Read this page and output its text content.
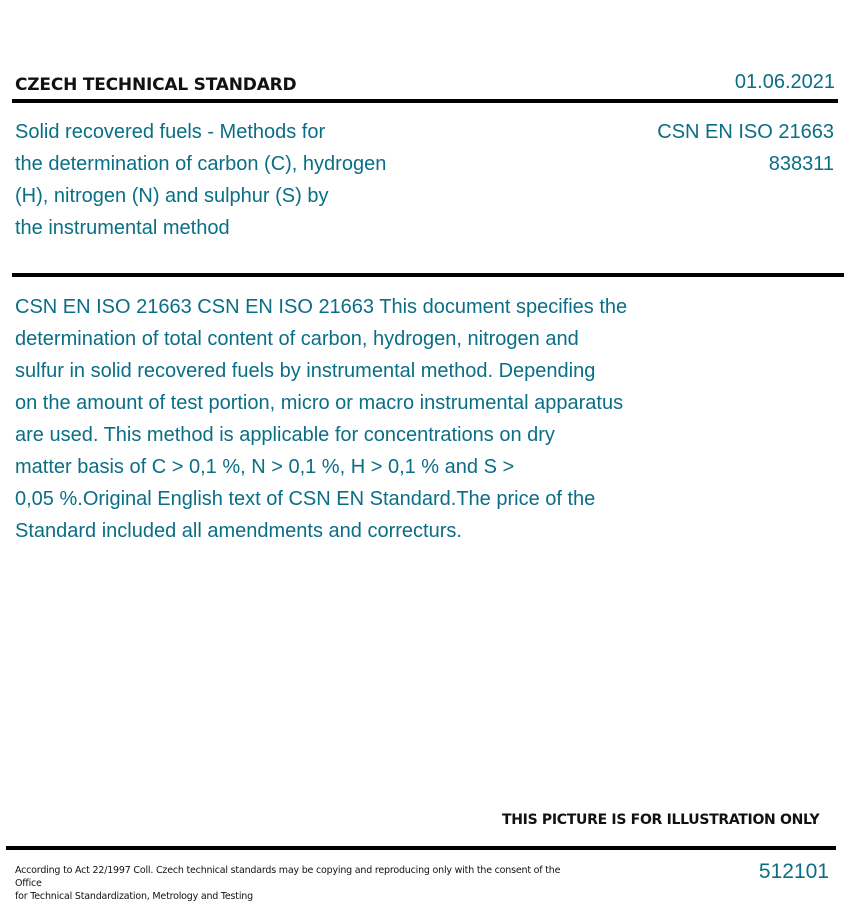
CZECH TECHNICAL STANDARD	01.06.2021
Solid recovered fuels - Methods for
the determination of carbon (C), hydrogen
(H), nitrogen (N) and sulphur (S) by
the instrumental method
CSN EN ISO 21663
838311

CSN EN ISO 21663 CSN EN ISO 21663 This document specifies the

determination of total content of carbon, hydrogen, nitrogen and

sulfur in solid recovered fuels by instrumental method. Depending

on the amount of test portion, micro or macro instrumental apparatus

are used. This method is applicable for concentrations on dry

matter basis of C > 0,1 %, N > 0,1 %, H > 0,1 % and S >

0,05 %.Original English text of CSN EN Standard.The price of the

Standard included all amendments and correcturs.

THIS PICTURE IS FOR ILLUSTRATION ONLY
According to Act 22/1997 Coll. Czech technical standards may be copying and reproducing only with the consent of the Office
for Technical Standardization, Metrology and Testing
512101
